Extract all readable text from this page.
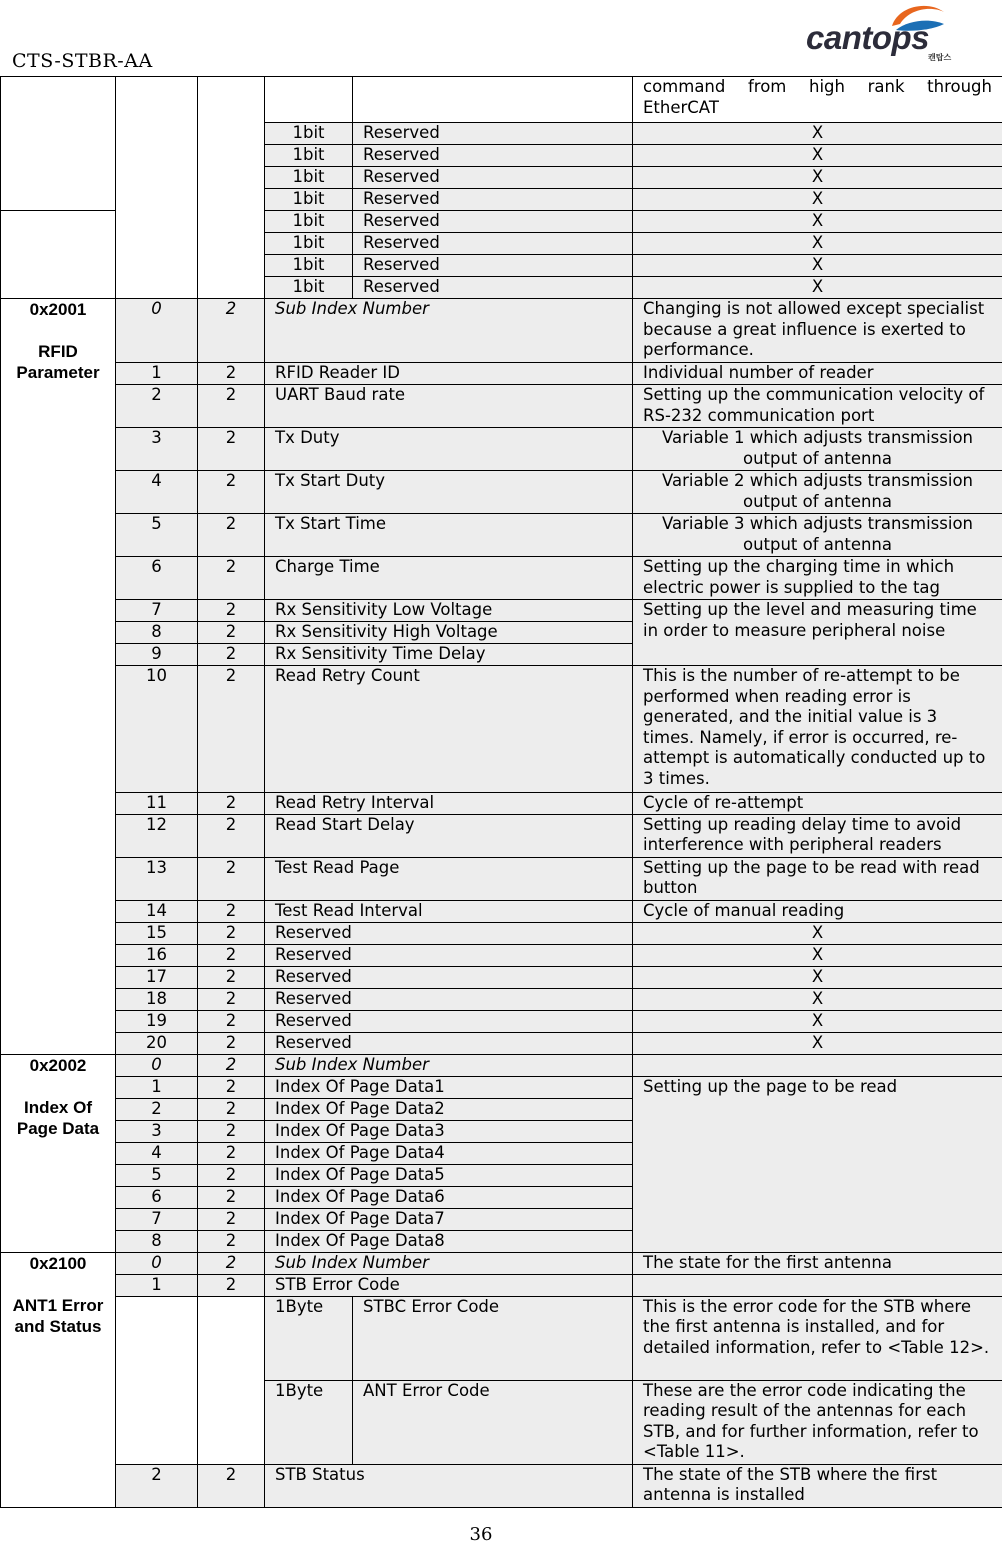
CTS-STBR-AA
cantops
캔탑스
					command from high rank through EtherCAT
			1bit	Reserved	X
			1bit	Reserved	X
			1bit	Reserved	X
			1bit	Reserved	X
			1bit	Reserved	X
			1bit	Reserved	X
			1bit	Reserved	X
			1bit	Reserved	X

0x2001

RFID Parameter	0	2	Sub Index Number		Changing is not allowed except specialist because a great influence is exerted to performance.
	1	2	RFID Reader ID		Individual number of reader
	2	2	UART Baud rate		Setting up the communication velocity of RS-232 communication port
	3	2	Tx Duty		Variable 1 which adjusts transmission output of antenna
	4	2	Tx Start Duty		Variable 2 which adjusts transmission output of antenna
	5	2	Tx Start Time		Variable 3 which adjusts transmission output of antenna
	6	2	Charge Time		Setting up the charging time in which electric power is supplied to the tag
	7	2	Rx Sensitivity Low Voltage		Setting up the level and measuring time in order to measure peripheral noise
	8	2	Rx Sensitivity High Voltage		
	9	2	Rx Sensitivity Time Delay		
	10	2	Read Retry Count		This is the number of re-attempt to be performed when reading error is generated, and the initial value is 3 times. Namely, if error is occurred, re-attempt is automatically conducted up to 3 times.
	11	2	Read Retry Interval		Cycle of re-attempt
	12	2	Read Start Delay		Setting up reading delay time to avoid interference with peripheral readers
	13	2	Test Read Page		Setting up the page to be read with read button
	14	2	Test Read Interval		Cycle of manual reading
	15	2	Reserved		X
	16	2	Reserved		X
	17	2	Reserved		X
	18	2	Reserved		X
	19	2	Reserved		X
	20	2	Reserved		X

0x2002

Index Of Page Data	0	2	Sub Index Number		
	1	2	Index Of Page Data1		Setting up the page to be read
	2	2	Index Of Page Data2		
	3	2	Index Of Page Data3		
	4	2	Index Of Page Data4		
	5	2	Index Of Page Data5		
	6	2	Index Of Page Data6		
	7	2	Index Of Page Data7		
	8	2	Index Of Page Data8		

0x2100

ANT1 Error and Status	0	2	Sub Index Number		The state for the first antenna
	1	2	STB Error Code		
			1Byte	STBC Error Code	This is the error code for the STB where the first antenna is installed, and for detailed information, refer to <Table 12>.
			1Byte	ANT Error Code	These are the error code indicating the reading result of the antennas for each STB, and for further information, refer to <Table 11>.
	2	2	STB Status		The state of the STB where the first antenna is installed
36
